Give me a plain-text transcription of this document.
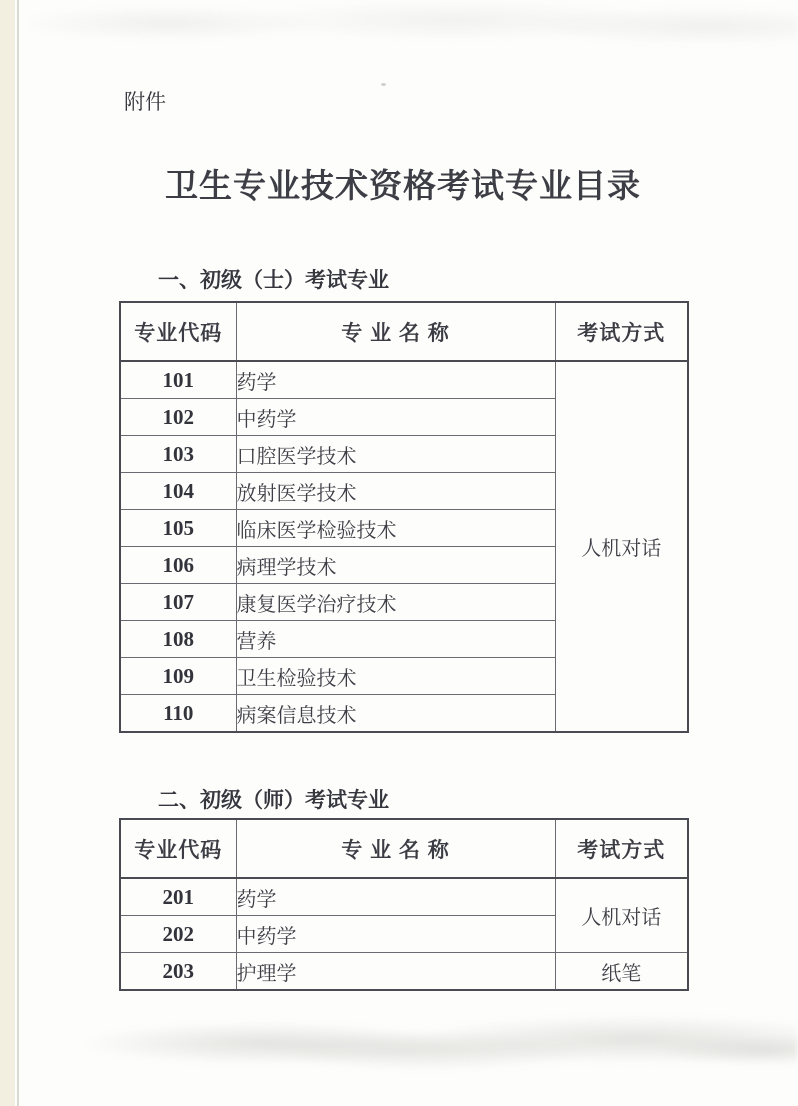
附件
卫生专业技术资格考试专业目录
一、初级（士）考试专业
专业代码	专 业 名 称	考试方式
101	药学	人机对话
102	中药学	
103	口腔医学技术	
104	放射医学技术	
105	临床医学检验技术	
106	病理学技术	
107	康复医学治疗技术	
108	营养	
109	卫生检验技术	
110	病案信息技术	
二、初级（师）考试专业
专业代码	专 业 名 称	考试方式
201	药学	人机对话
202	中药学	
203	护理学	纸笔
